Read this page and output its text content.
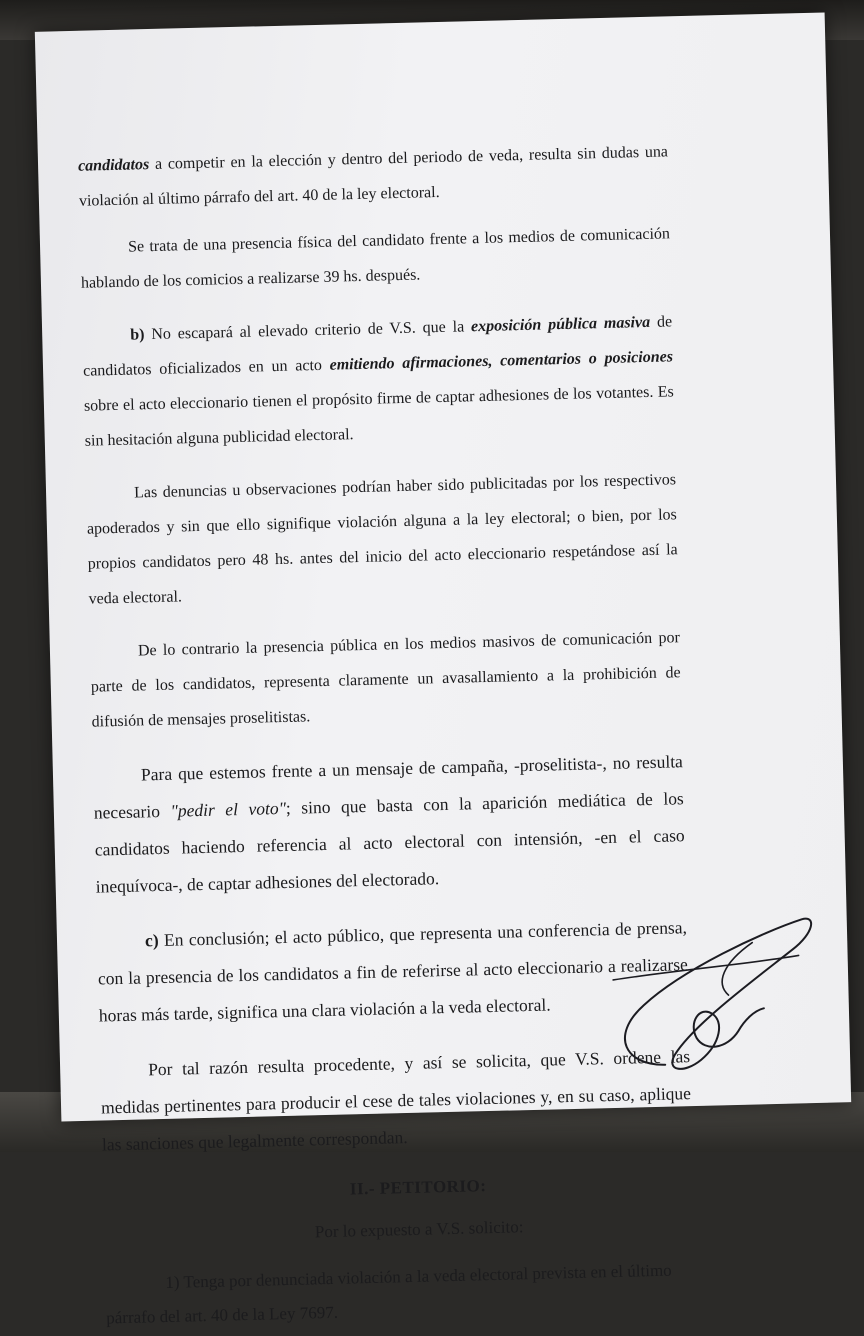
candidatos a competir en la elección y dentro del periodo de veda, resulta sin dudas una violación al último párrafo del art. 40 de la ley electoral.

Se trata de una presencia física del candidato frente a los medios de comunicación hablando de los comicios a realizarse 39 hs. después.

b) No escapará al elevado criterio de V.S. que la exposición pública masiva de candidatos oficializados en un acto emitiendo afirmaciones, comentarios o posiciones sobre el acto eleccionario tienen el propósito firme de captar adhesiones de los votantes. Es sin hesitación alguna publicidad electoral.

Las denuncias u observaciones podrían haber sido publicitadas por los respectivos apoderados y sin que ello signifique violación alguna a la ley electoral; o bien, por los propios candidatos pero 48 hs. antes del inicio del acto eleccionario respetándose así la veda electoral.

De lo contrario la presencia pública en los medios masivos de comunicación por parte de los candidatos, representa claramente un avasallamiento a la prohibición de difusión de mensajes proselitistas.

Para que estemos frente a un mensaje de campaña, -proselitista-, no resulta necesario "pedir el voto"; sino que basta con la aparición mediática de los candidatos haciendo referencia al acto electoral con intensión, -en el caso inequívoca-, de captar adhesiones del electorado.

c) En conclusión; el acto público, que representa una conferencia de prensa, con la presencia de los candidatos a fin de referirse al acto eleccionario a realizarse horas más tarde, significa una clara violación a la veda electoral.

Por tal razón resulta procedente, y así se solicita, que V.S. ordene las medidas pertinentes para producir el cese de tales violaciones y, en su caso, aplique las sanciones que legalmente correspondan.

II.- PETITORIO:
Por lo expuesto a V.S. solicito:

1) Tenga por denunciada violación a la veda electoral prevista en el último párrafo del art. 40 de la Ley 7697.
